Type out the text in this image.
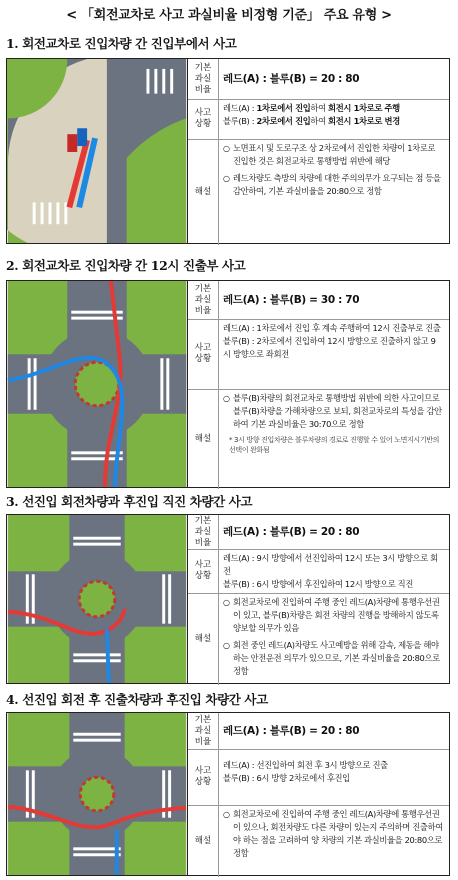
< 「회전교차로 사고 과실비율 비정형 기준」 주요 유형 >
1. 회전교차로 진입차량 간 진입부에서 사고
기본 과실 비율
레드(A) : 블루(B) = 20 : 80
사고 상황

레드(A) : 1차로에서 진입하여 회전시 1차로로 주행

블루(B) : 2차로에서 진입하여 회전시 1차로로 변경

해설
○ 노면표시 및 도로구조 상 2차로에서 진입한 차량이 1차로로 진입한 것은 회전교차로 통행방법 위반에 해당
○ 레드차량도 측방의 차량에 대한 주의의무가 요구되는 점 등을 감안하여, 기본 과실비율을 20:80으로 정함
2. 회전교차로 진입차량 간 12시 진출부 사고
기본 과실 비율
레드(A) : 블루(B) = 30 : 70
사고 상황

레드(A) : 1차로에서 진입 후 계속 주행하여 12시 진출부로 진출

블루(B) : 2차로에서 진입하여 12시 방향으로 진출하지 않고 9시 방향으로 좌회전

해설
○ 블루(B)차량의 회전교차로 통행방법 위반에 의한 사고이므로 블루(B)차량을 가해차량으로 보되, 회전교차로의 특성을 감안하여 기본 과실비율은 30:70으로 정함
* 3시 방향 진입차량은 블루차량의 경로로 진행할 수 있어 노면지시기반의 선택이 완화됨
3. 선진입 회전차량과 후진입 직진 차량간 사고
기본 과실 비율
레드(A) : 블루(B) = 20 : 80
사고 상황

레드(A) : 9시 방향에서 선진입하여 12시 또는 3시 방향으로 회전

블루(B) : 6시 방향에서 후진입하여 12시 방향으로 직진

해설
○ 회전교차로에 진입하여 주행 중인 레드(A)차량에 통행우선권이 있고, 블루(B)차량은 회전 차량의 진행을 방해하지 않도록 양보할 의무가 있음
○ 회전 중인 레드(A)차량도 사고예방을 위해 감속, 제동을 해야 하는 안전운전 의무가 있으므로, 기본 과실비율을 20:80으로 정함
4. 선진입 회전 후 진출차량과 후진입 차량간 사고
기본 과실 비율
레드(A) : 블루(B) = 20 : 80
사고 상황

레드(A) : 선진입하여 회전 후 3시 방향으로 진출

블루(B) : 6시 방향 2차로에서 후진입

해설
○ 회전교차로에 진입하여 주행 중인 레드(A)차량에 통행우선권이 있으나, 회전차량도 다른 차량이 있는지 주의하며 진출하여야 하는 점을 고려하여 양 차량의 기본 과실비율을 20:80으로 정함
